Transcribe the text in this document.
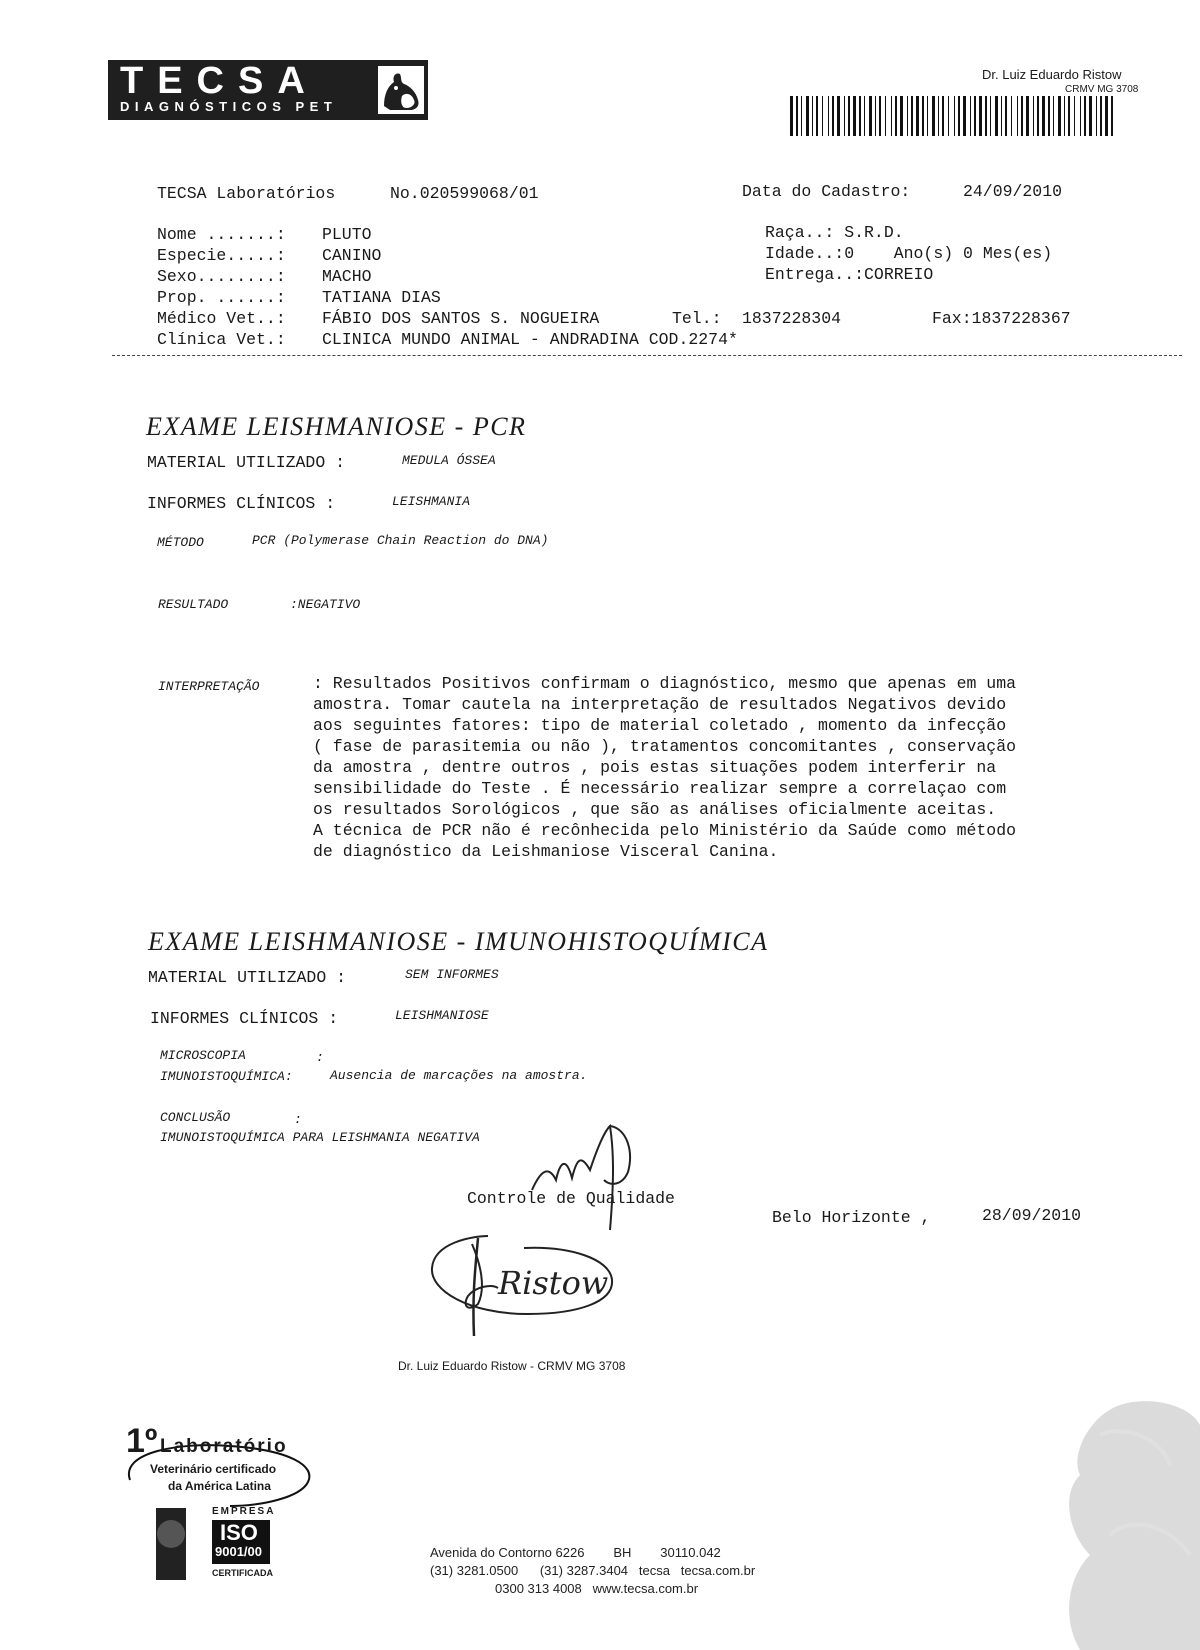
TECSA
DIAGNÓSTICOS PET
Dr. Luiz Eduardo Ristow
CRMV MG 3708
TECSA Laboratórios	No.020599068/01	Data do Cadastro:	24/09/2010
Nome .......: PLUTO
Especie.....: CANINO
Sexo........: MACHO
Prop. ......: TATIANA DIAS
Médico Vet..: FÁBIO DOS SANTOS S. NOGUEIRA	Tel.: 1837228304	Fax:1837228367
Clínica Vet.: CLINICA MUNDO ANIMAL - ANDRADINA COD.2274*
Raça..: S.R.D.
Idade..:0    Ano(s) 0 Mes(es)
Entrega..:CORREIO
EXAME LEISHMANIOSE - PCR
MATERIAL UTILIZADO :	MEDULA ÓSSEA
INFORMES CLÍNICOS :	LEISHMANIA
MÉTODO	PCR (Polymerase Chain Reaction do DNA)
RESULTADO	:NEGATIVO
INTERPRETAÇÃO	: Resultados Positivos confirmam o diagnóstico, mesmo que apenas em uma
amostra. Tomar cautela na interpretação de resultados Negativos devido
aos seguintes fatores: tipo de material coletado , momento da infecção
( fase de parasitemia ou não ), tratamentos concomitantes , conservação
da amostra , dentre outros , pois estas situações podem interferir na
sensibilidade do Teste . É necessário realizar sempre a correlaçao com
os resultados Sorológicos , que são as análises oficialmente aceitas.
A técnica de PCR não é recônhecida pelo Ministério da Saúde como método
de diagnóstico da Leishmaniose Visceral Canina.
EXAME LEISHMANIOSE - IMUNOHISTOQUÍMICA
MATERIAL UTILIZADO :	SEM INFORMES
INFORMES CLÍNICOS :	LEISHMANIOSE
MICROSCOPIA	:
IMUNOISTOQUÍMICA:	Ausencia de marcações na amostra.
CONCLUSÃO	:
IMUNOISTOQUÍMICA PARA LEISHMANIA NEGATIVA
Controle de Qualidade
Belo Horizonte ,	28/09/2010
Ristow
Dr. Luiz Eduardo Ristow - CRMV MG 3708
1º Laboratório
Veterinário certificado
da América Latina
EMPRESA
ISO
9001/00
CERTIFICADA
Avenida do Contorno 6226        BH        30110.042
(31) 3281.0500      (31) 3287.3404   tecsa   tecsa.com.br
0300 313 4008   www.tecsa.com.br
